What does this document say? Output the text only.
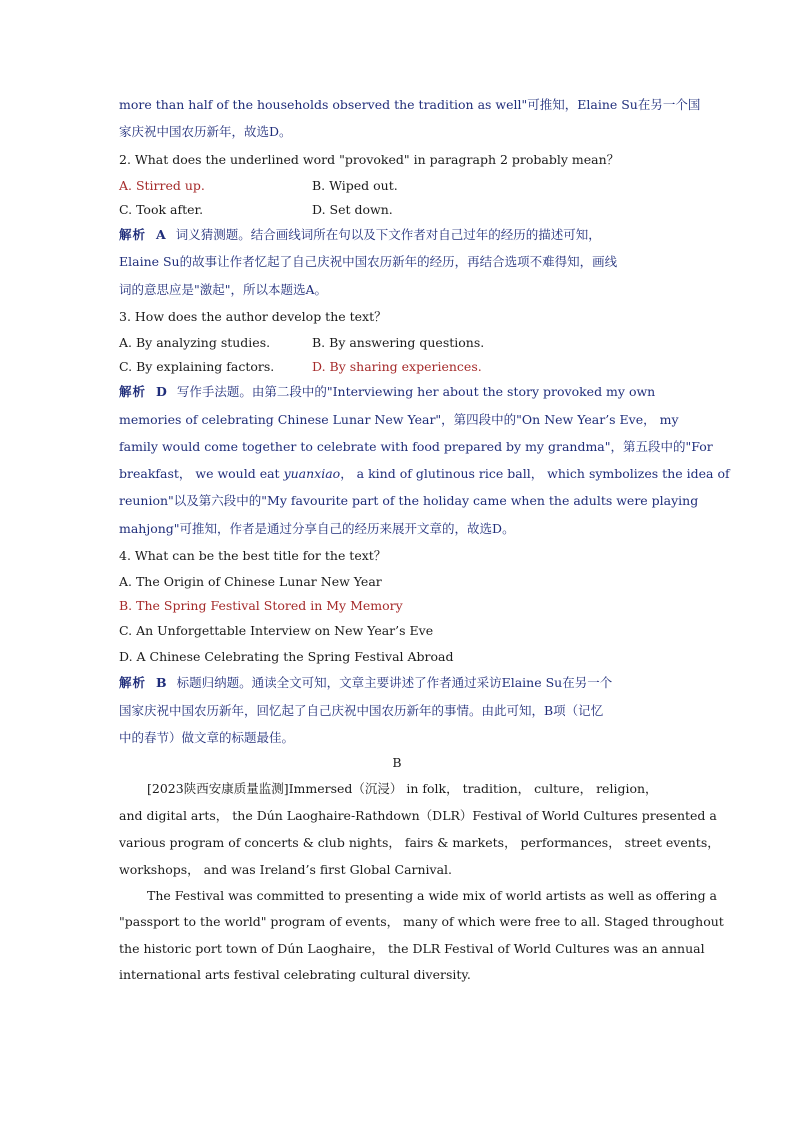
more than half of the households observed the tradition as well"可推知，Elaine Su在另一个国
家庆祝中国农历新年，故选D。
2. What does the underlined word "provoked" in paragraph 2 probably mean？
A. Stirred up.	B. Wiped out.
C. Took after.	D. Set down.
解析 A 词义猜测题。结合画线词所在句以及下文作者对自己过年的经历的描述可知，
Elaine Su的故事让作者忆起了自己庆祝中国农历新年的经历，再结合选项不难得知，画线
词的意思应是"激起"，所以本题选A。
3. How does the author develop the text？
A. By analyzing studies.	B. By answering questions.
C. By explaining factors.	D. By sharing experiences.
解析 D 写作手法题。由第二段中的"Interviewing her about the story provoked my own
memories of celebrating Chinese Lunar New Year"，第四段中的"On New Year’s Eve， my
family would come together to celebrate with food prepared by my grandma"，第五段中的"For
breakfast， we would eat yuanxiao， a kind of glutinous rice ball， which symbolizes the idea of
reunion"以及第六段中的"My favourite part of the holiday came when the adults were playing
mahjong"可推知，作者是通过分享自己的经历来展开文章的，故选D。
4. What can be the best title for the text？
A. The Origin of Chinese Lunar New Year
B. The Spring Festival Stored in My Memory
C. An Unforgettable Interview on New Year’s Eve
D. A Chinese Celebrating the Spring Festival Abroad
解析 B 标题归纳题。通读全文可知，文章主要讲述了作者通过采访Elaine Su在另一个
国家庆祝中国农历新年，回忆起了自己庆祝中国农历新年的事情。由此可知，B项（记忆
中的春节）做文章的标题最佳。
B
[2023陕西安康质量监测]Immersed（沉浸） in folk， tradition， culture， religion，
and digital arts， the Dún Laoghaire-Rathdown（DLR）Festival of World Cultures presented a
various program of concerts & club nights， fairs & markets， performances， street events，
workshops， and was Ireland’s first Global Carnival.
The Festival was committed to presenting a wide mix of world artists as well as offering a
"passport to the world" program of events， many of which were free to all. Staged throughout
the historic port town of Dún Laoghaire， the DLR Festival of World Cultures was an annual
international arts festival celebrating cultural diversity.
